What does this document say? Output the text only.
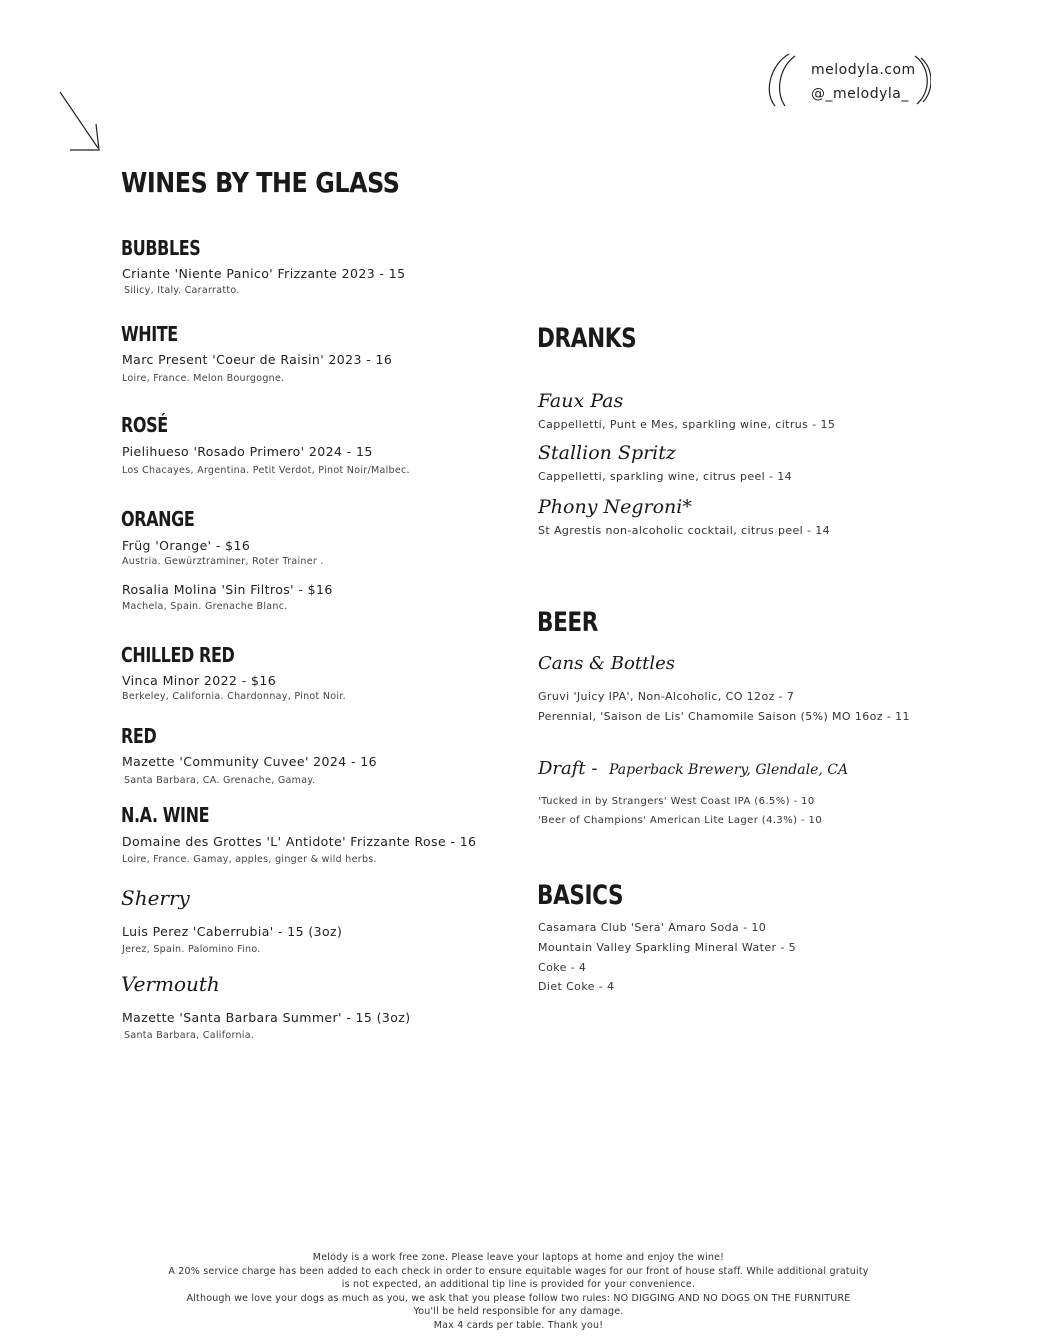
melodyla.com
@_melodyla_
WINES BY THE GLASS
BUBBLES
Criante 'Niente Panico' Frizzante 2023 - 15
Silicy, Italy. Cararratto.
WHITE
Marc Present 'Coeur de Raisin' 2023 - 16
Loire, France. Melon Bourgogne.
ROSÉ
Pielihueso 'Rosado Primero' 2024 - 15
Los Chacayes, Argentina. Petit Verdot, Pinot Noir/Malbec.
ORANGE
Früg 'Orange' - $16
Austria. Gewürztraminer, Roter Trainer .
Rosalia Molina 'Sin Filtros' - $16
Machela, Spain. Grenache Blanc.
CHILLED RED
Vinca Minor 2022 - $16
Berkeley, California. Chardonnay, Pinot Noir.
RED
Mazette 'Community Cuvee' 2024 - 16
Santa Barbara, CA. Grenache, Gamay.
N.A. WINE
Domaine des Grottes 'L' Antidote' Frizzante Rose - 16
Loire, France. Gamay, apples, ginger & wild herbs.
Sherry
Luis Perez 'Caberrubia' - 15 (3oz)
Jerez, Spain. Palomino Fino.
Vermouth
Mazette 'Santa Barbara Summer' - 15 (3oz)
Santa Barbara, California.
DRANKS
Faux Pas
Cappelletti, Punt e Mes, sparkling wine, citrus - 15
Stallion Spritz
Cappelletti, sparkling wine, citrus peel - 14
Phony Negroni*
St Agrestis non-alcoholic cocktail, citrus peel - 14
BEER
Cans & Bottles
Gruvi 'Juicy IPA', Non-Alcoholic, CO 12oz - 7
Perennial, 'Saison de Lis' Chamomile Saison (5%) MO 16oz - 11
Draft - Paperback Brewery, Glendale, CA
'Tucked in by Strangers' West Coast IPA (6.5%) - 10
'Beer of Champions' American Lite Lager (4.3%) - 10
BASICS
Casamara Club 'Sera' Amaro Soda - 10
Mountain Valley Sparkling Mineral Water - 5
Coke - 4
Diet Coke - 4
Melody is a work free zone. Please leave your laptops at home and enjoy the wine!
A 20% service charge has been added to each check in order to ensure equitable wages for our front of house staff. While additional gratuity
is not expected, an additional tip line is provided for your convenience.
Although we love your dogs as much as you, we ask that you please follow two rules: NO DIGGING AND NO DOGS ON THE FURNITURE
You'll be held responsible for any damage.
Max 4 cards per table. Thank you!
